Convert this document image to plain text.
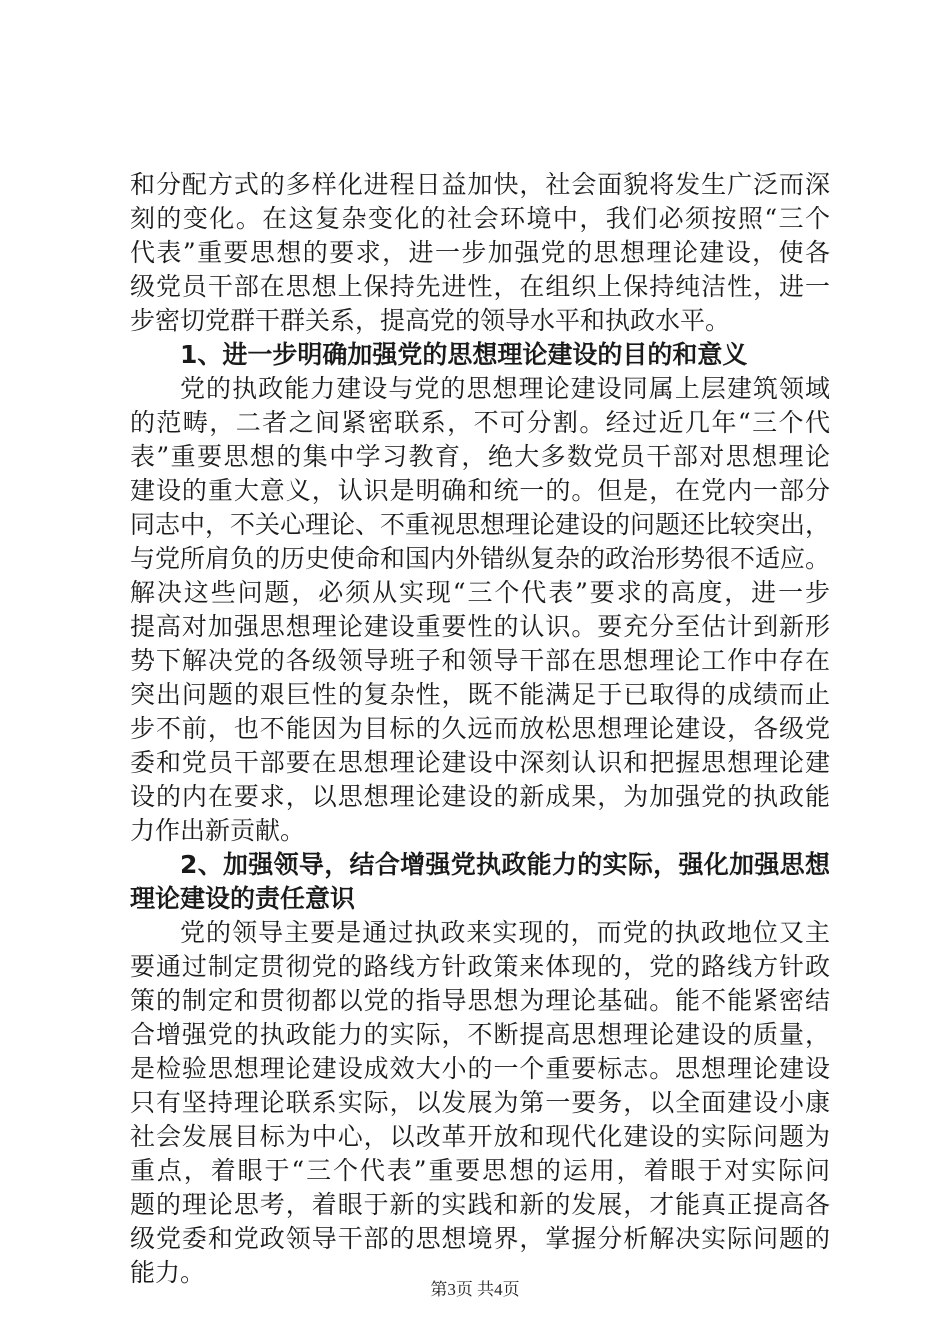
和分配方式的多样化进程日益加快，社会面貌将发生广泛而深
刻的变化。在这复杂变化的社会环境中，我们必须按照“三个
代表”重要思想的要求，进一步加强党的思想理论建设，使各
级党员干部在思想上保持先进性，在组织上保持纯洁性，进一
步密切党群干群关系，提高党的领导水平和执政水平。
1、进一步明确加强党的思想理论建设的目的和意义
党的执政能力建设与党的思想理论建设同属上层建筑领域
的范畴，二者之间紧密联系，不可分割。经过近几年“三个代
表”重要思想的集中学习教育，绝大多数党员干部对思想理论
建设的重大意义，认识是明确和统一的。但是，在党内一部分
同志中，不关心理论、不重视思想理论建设的问题还比较突出，
与党所肩负的历史使命和国内外错纵复杂的政治形势很不适应。
解决这些问题，必须从实现“三个代表”要求的高度，进一步
提高对加强思想理论建设重要性的认识。要充分至估计到新形
势下解决党的各级领导班子和领导干部在思想理论工作中存在
突出问题的艰巨性的复杂性，既不能满足于已取得的成绩而止
步不前，也不能因为目标的久远而放松思想理论建设，各级党
委和党员干部要在思想理论建设中深刻认识和把握思想理论建
设的内在要求，以思想理论建设的新成果，为加强党的执政能
力作出新贡献。
2、加强领导，结合增强党执政能力的实际，强化加强思想
理论建设的责任意识
党的领导主要是通过执政来实现的，而党的执政地位又主
要通过制定贯彻党的路线方针政策来体现的，党的路线方针政
策的制定和贯彻都以党的指导思想为理论基础。能不能紧密结
合增强党的执政能力的实际，不断提高思想理论建设的质量，
是检验思想理论建设成效大小的一个重要标志。思想理论建设
只有坚持理论联系实际，以发展为第一要务，以全面建设小康
社会发展目标为中心，以改革开放和现代化建设的实际问题为
重点，着眼于“三个代表”重要思想的运用，着眼于对实际问
题的理论思考，着眼于新的实践和新的发展，才能真正提高各
级党委和党政领导干部的思想境界，掌握分析解决实际问题的
能力。
第3页 共4页
